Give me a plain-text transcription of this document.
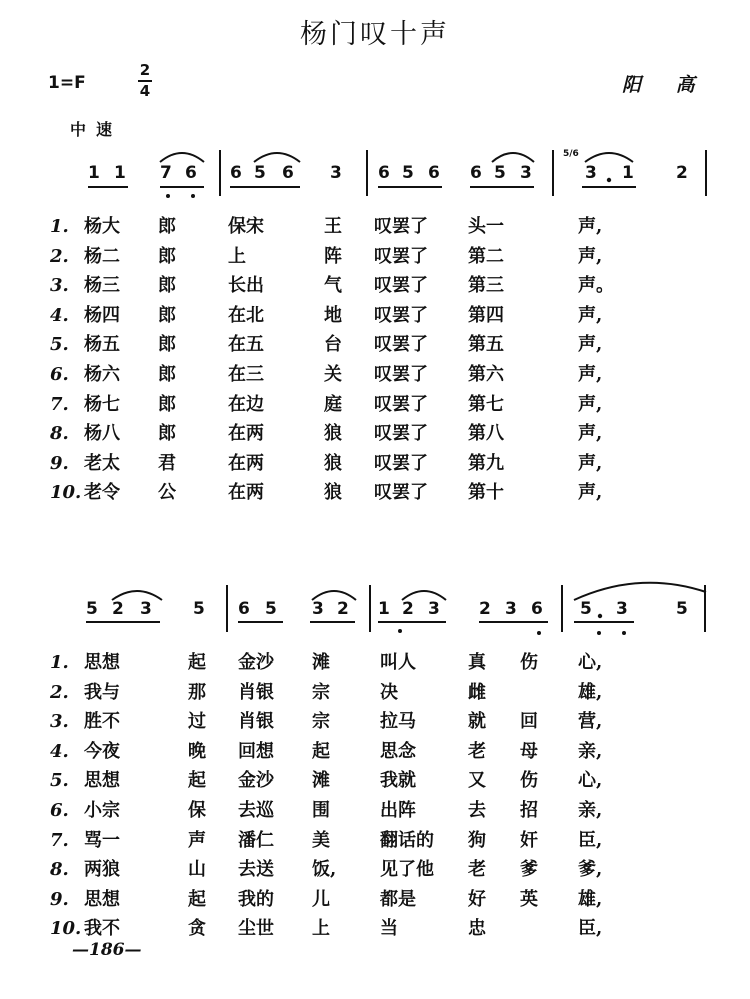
杨门叹十声
1=F
2
4	阳 高
中速
1 1 7 6 6 5 6 3 6 5 6 6 5 3	3 1 2
5/6
5 2 3 5 6 5 3 2 1 2 3 2 3 6 5 3	5
1. 杨大 郎	保宋	王 叹罢了 头一	声,
2. 杨二 郎	上	阵 叹罢了 第二	声,
3. 杨三 郎	长出	气 叹罢了 第三	声。
4. 杨四 郎	在北	地 叹罢了 第四	声,
5. 杨五 郎	在五	台 叹罢了 第五	声,
6. 杨六 郎	在三	关 叹罢了 第六	声,
7. 杨七 郎	在边	庭 叹罢了 第七	声,
8. 杨八 郎	在两	狼 叹罢了 第八	声,
9. 老太 君	在两	狼 叹罢了 第九	声,
10. 老令 公	在两	狼 叹罢了 第十	声,
1. 思想	起 金沙 滩	叫人	真 伤 心,
2. 我与	那 肖银 宗	决	雌	雄,
3. 胜不	过 肖银 宗	拉马	就 回 营,
4. 今夜	晚 回想 起	思念	老 母 亲,
5. 思想	起 金沙 滩	我就	又 伤 心,
6. 小宗	保 去巡 围	出阵	去 招 亲,
7. 骂一	声 潘仁 美	翻话的 狗 奸 臣,
8. 两狼	山 去送 饭, 见了他 老 爹 爹,
9. 思想	起 我的 儿	都是	好 英 雄,
10. 我不	贪 尘世 上	当	忠	臣,
—186—
